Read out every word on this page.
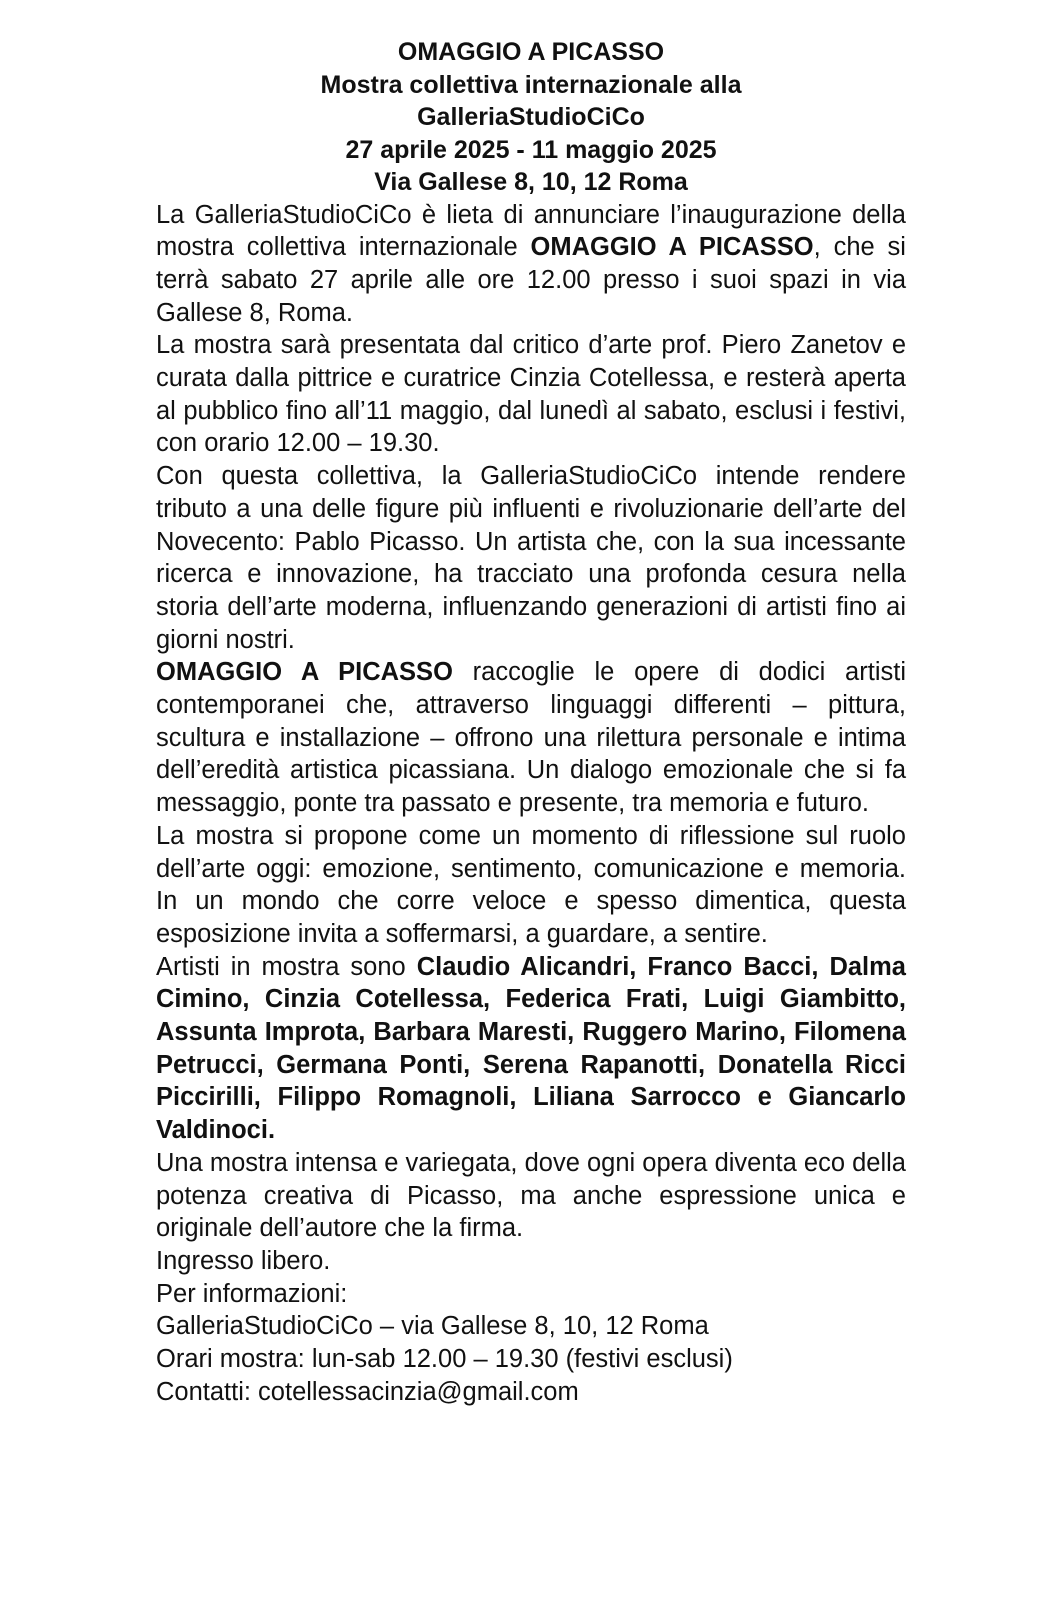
OMAGGIO A PICASSO
Mostra collettiva internazionale alla
GalleriaStudioCiCo
27 aprile 2025 - 11 maggio 2025
Via Gallese 8, 10, 12 Roma

La GalleriaStudioCiCo è lieta di annunciare l’inaugurazione della mostra collettiva internazionale OMAGGIO A PICASSO, che si terrà sabato 27 aprile alle ore 12.00 presso i suoi spazi in via Gallese 8, Roma.

La mostra sarà presentata dal critico d’arte prof. Piero Zanetov e curata dalla pittrice e curatrice Cinzia Cotellessa, e resterà aperta al pubblico fino all’11 maggio, dal lunedì al sabato, esclusi i festivi, con orario 12.00 – 19.30.

Con questa collettiva, la GalleriaStudioCiCo intende rendere tributo a una delle figure più influenti e rivoluzionarie dell’arte del Novecento: Pablo Picasso. Un artista che, con la sua incessante ricerca e innovazione, ha tracciato una profonda cesura nella storia dell’arte moderna, influenzando generazioni di artisti fino ai giorni nostri.

OMAGGIO A PICASSO raccoglie le opere di dodici artisti contemporanei che, attraverso linguaggi differenti – pittura, scultura e installazione – offrono una rilettura personale e intima dell’eredità artistica picassiana. Un dialogo emozionale che si fa messaggio, ponte tra passato e presente, tra memoria e futuro.

La mostra si propone come un momento di riflessione sul ruolo dell’arte oggi: emozione, sentimento, comunicazione e memoria. In un mondo che corre veloce e spesso dimentica, questa esposizione invita a soffermarsi, a guardare, a sentire.

Artisti in mostra sono Claudio Alicandri, Franco Bacci, Dalma Cimino, Cinzia Cotellessa, Federica Frati, Luigi Giambitto, Assunta Improta, Barbara Maresti, Ruggero Marino, Filomena Petrucci, Germana Ponti, Serena Rapanotti, Donatella Ricci Piccirilli, Filippo Romagnoli, Liliana Sarrocco e Giancarlo Valdinoci.

Una mostra intensa e variegata, dove ogni opera diventa eco della potenza creativa di Picasso, ma anche espressione unica e originale dell’autore che la firma.

Ingresso libero.
Per informazioni:
GalleriaStudioCiCo – via Gallese 8, 10, 12 Roma
Orari mostra: lun-sab 12.00 – 19.30 (festivi esclusi)
Contatti: cotellessacinzia@gmail.com
